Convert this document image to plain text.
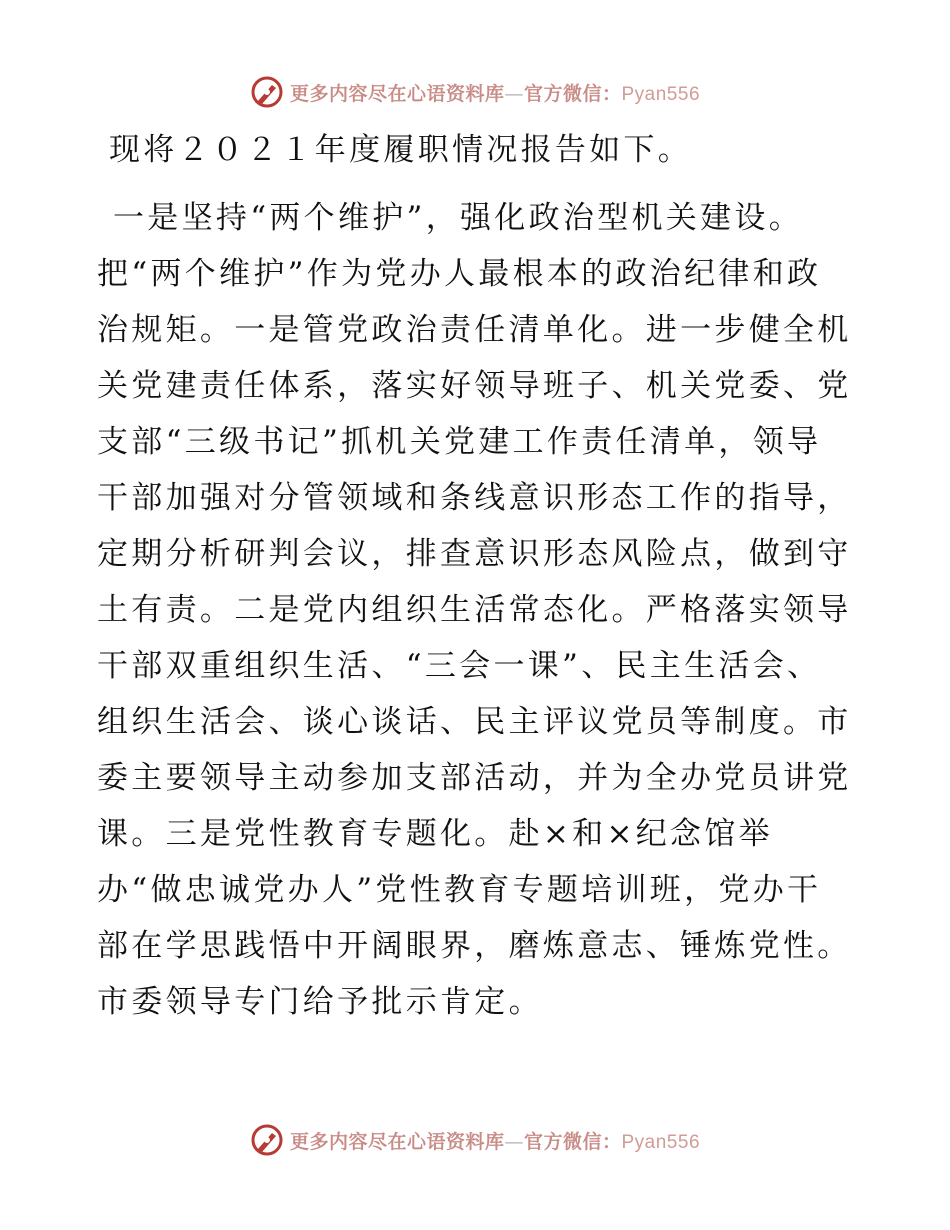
更多内容尽在心语资料库—官方微信：Pyan556
现将２０２１年度履职情况报告如下。
一是坚持“两个维护”，强化政治型机关建设。
把“两个维护”作为党办人最根本的政治纪律和政
治规矩。一是管党政治责任清单化。进一步健全机
关党建责任体系，落实好领导班子、机关党委、党
支部“三级书记”抓机关党建工作责任清单，领导
干部加强对分管领域和条线意识形态工作的指导，
定期分析研判会议，排查意识形态风险点，做到守
土有责。二是党内组织生活常态化。严格落实领导
干部双重组织生活、“三会一课”、民主生活会、
组织生活会、谈心谈话、民主评议党员等制度。市
委主要领导主动参加支部活动，并为全办党员讲党
课。三是党性教育专题化。赴×和×纪念馆举
办“做忠诚党办人”党性教育专题培训班，党办干
部在学思践悟中开阔眼界，磨炼意志、锤炼党性。
市委领导专门给予批示肯定。
更多内容尽在心语资料库—官方微信：Pyan556
